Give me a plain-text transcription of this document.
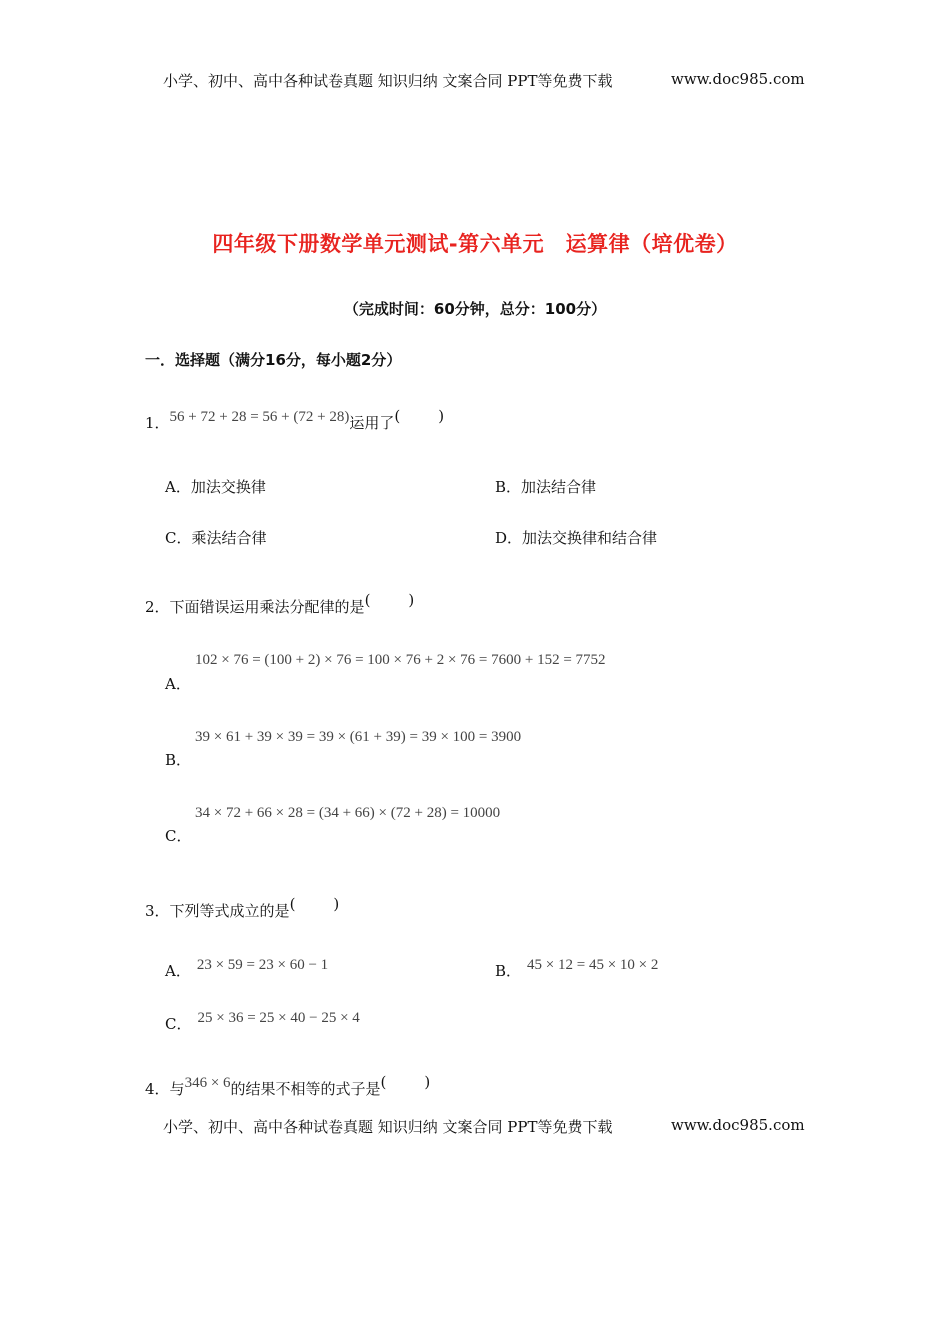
小学、初中、高中各种试卷真题 知识归纳 文案合同 PPT等免费下载	www.doc985.com
四年级下册数学单元测试-第六单元　运算律（培优卷）
（完成时间：60分钟，总分：100分）
一．选择题（满分16分，每小题2分）
1．56 + 72 + 28 = 56 + (72 + 28)运用了(	)
A．加法交换律	B．加法结合律
C．乘法结合律	D．加法交换律和结合律
2．下面错误运用乘法分配律的是(	)
102 × 76 = (100 + 2) × 76 = 100 × 76 + 2 × 76 = 7600 + 152 = 7752
A．
39 × 61 + 39 × 39 = 39 × (61 + 39) = 39 × 100 = 3900
B．
34 × 72 + 66 × 28 = (34 + 66) × (72 + 28) = 10000
C．
3．下列等式成立的是(	)
A． 23 × 59 = 23 × 60 − 1	B． 45 × 12 = 45 × 10 × 2
C． 25 × 36 = 25 × 40 − 25 × 4
4．与346 × 6的结果不相等的式子是(	)
小学、初中、高中各种试卷真题 知识归纳 文案合同 PPT等免费下载	www.doc985.com
